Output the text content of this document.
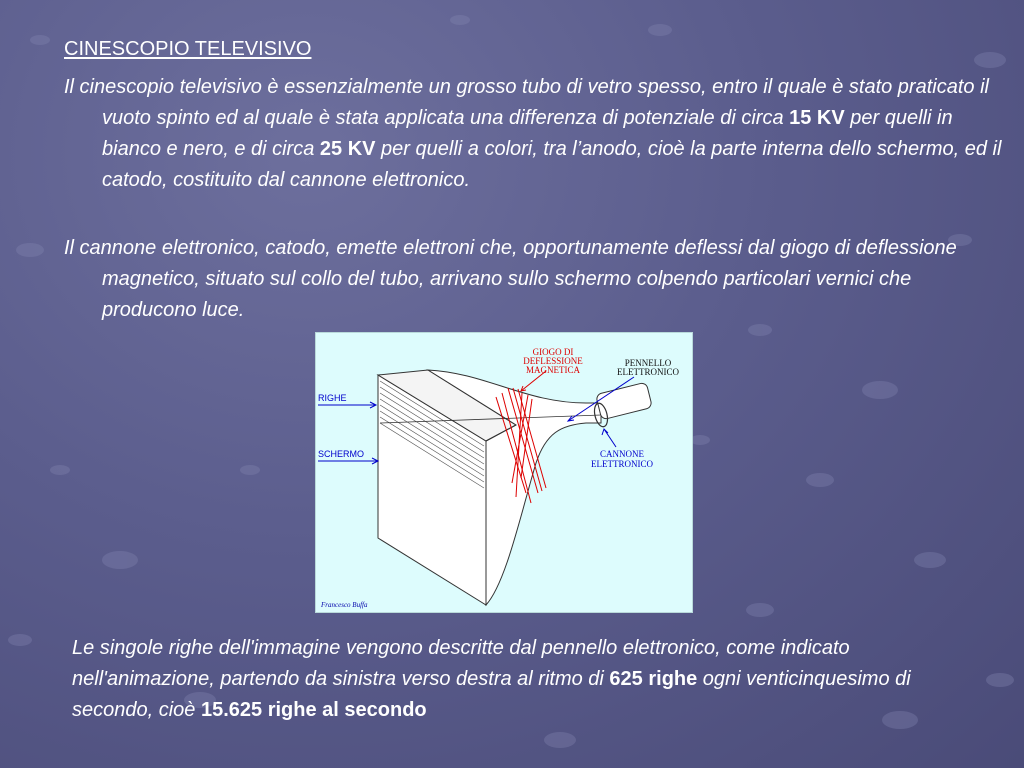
CINESCOPIO TELEVISIVO

Il cinescopio televisivo è essenzialmente un grosso tubo di vetro spesso, entro il quale è stato praticato il vuoto spinto ed al quale è stata applicata una differenza di potenziale di circa 15 KV per quelli in bianco e nero, e di circa 25 KV per quelli a colori, tra l’anodo, cioè la parte interna dello schermo, ed il catodo, costituito dal cannone elettronico.

Il cannone elettronico, catodo, emette elettroni che, opportunamente deflessi dal giogo di deflessione magnetico, situato sul collo del tubo, arrivano sullo schermo colpendo particolari vernici che producono luce.

RIGHE
SCHERMO
GIOGO DI
DEFLESSIONE
MAGNETICA
PENNELLO
ELETTRONICO
CANNONE
ELETTRONICO
Francesco Buffa

Le singole righe dell'immagine vengono descritte dal pennello elettronico, come indicato nell'animazione, partendo da sinistra verso destra al ritmo di 625 righe ogni venticinquesimo di secondo, cioè 15.625 righe al secondo
